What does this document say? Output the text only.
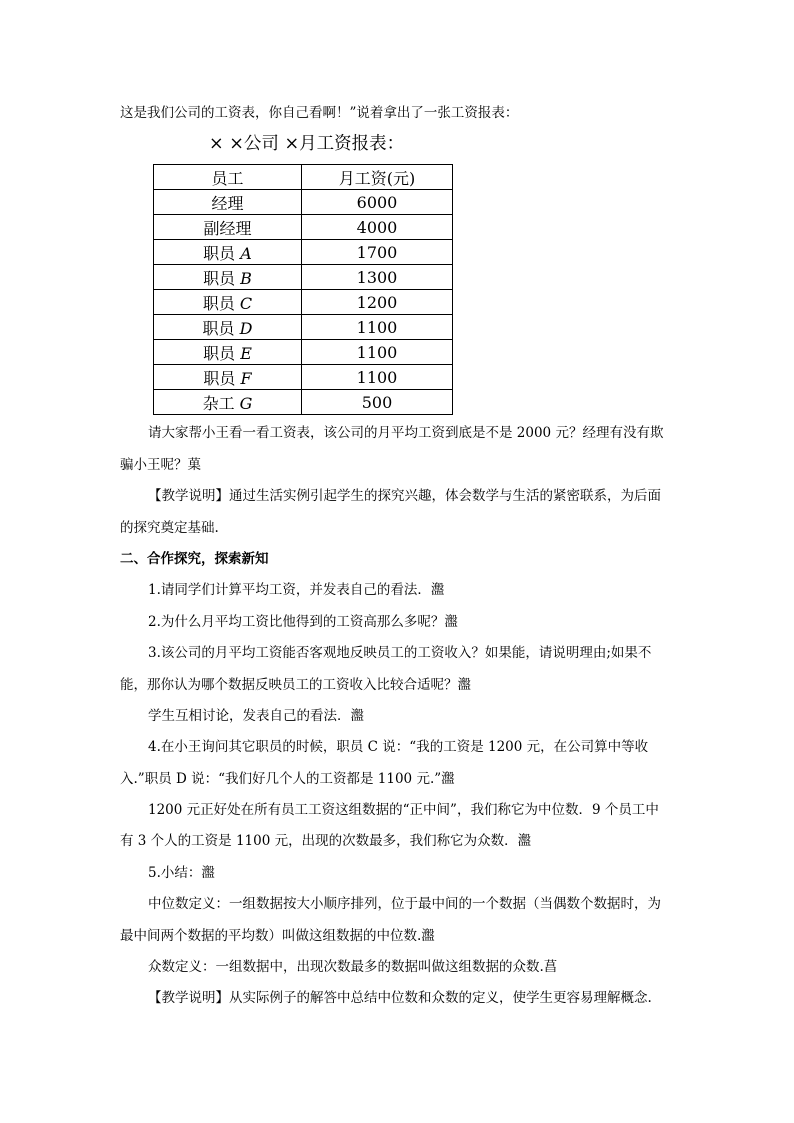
这是我们公司的工资表，你自己看啊！”说着拿出了一张工资报表：
× ×公司 ×月工资报表：
员工	月工资(元)
经理	6000
副经理	4000
职员 A	1700
职员 B	1300
职员 C	1200
职员 D	1100
职员 E	1100
职员 F	1100
杂工 G	500
请大家帮小王看一看工资表，该公司的月平均工资到底是不是 2000 元？经理有没有欺
骗小王呢？菓
【教学说明】通过生活实例引起学生的探究兴趣，体会数学与生活的紧密联系，为后面
的探究奠定基础.
二、合作探究，探索新知
1.请同学们计算平均工资，并发表自己的看法．瀊
2.为什么月平均工资比他得到的工资高那么多呢？瀊
3.该公司的月平均工资能否客观地反映员工的工资收入？如果能，请说明理由;如果不
能，那你认为哪个数据反映员工的工资收入比较合适呢？瀊
学生互相讨论，发表自己的看法．瀊
4.在小王询问其它职员的时候，职员 C 说：“我的工资是 1200 元，在公司算中等收
入.”职员 D 说：“我们好几个人的工资都是 1100 元.”瀊
1200 元正好处在所有员工工资这组数据的“正中间”，我们称它为中位数．9 个员工中
有 3 个人的工资是 1100 元，出现的次数最多，我们称它为众数．瀊
5.小结：瀊
中位数定义：一组数据按大小顺序排列，位于最中间的一个数据（当偶数个数据时，为
最中间两个数据的平均数）叫做这组数据的中位数.瀊
众数定义：一组数据中，出现次数最多的数据叫做这组数据的众数.菖
【教学说明】从实际例子的解答中总结中位数和众数的定义，使学生更容易理解概念.
